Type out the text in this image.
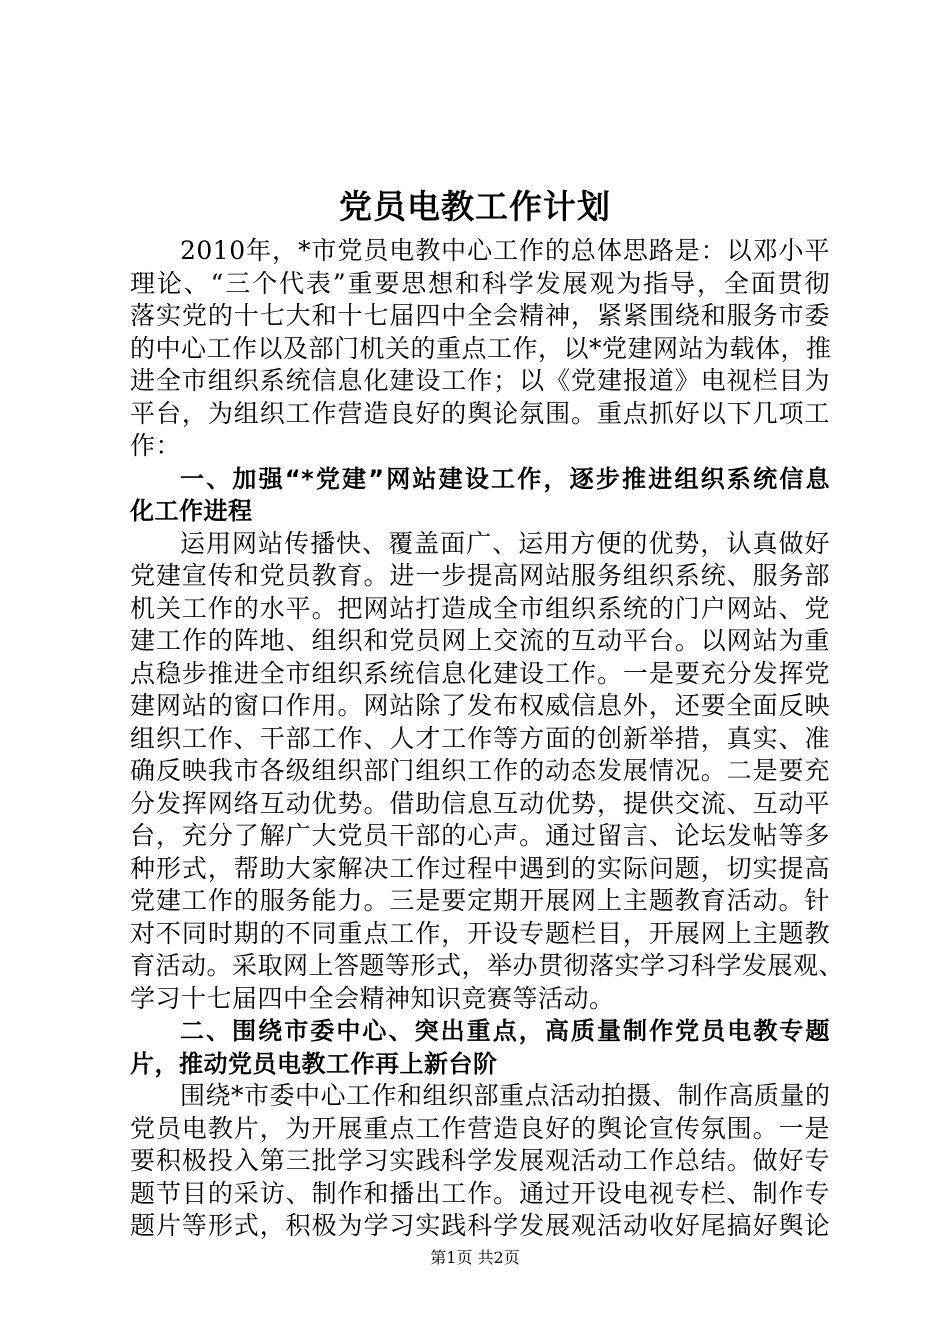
党员电教工作计划
2010年，*市党员电教中心工作的总体思路是：以邓小平
理论、“三个代表”重要思想和科学发展观为指导，全面贯彻
落实党的十七大和十七届四中全会精神，紧紧围绕和服务市委
的中心工作以及部门机关的重点工作，以*党建网站为载体，推
进全市组织系统信息化建设工作；以《党建报道》电视栏目为
平台，为组织工作营造良好的舆论氛围。重点抓好以下几项工
作：
一、加强“*党建”网站建设工作，逐步推进组织系统信息
化工作进程
运用网站传播快、覆盖面广、运用方便的优势，认真做好
党建宣传和党员教育。进一步提高网站服务组织系统、服务部
机关工作的水平。把网站打造成全市组织系统的门户网站、党
建工作的阵地、组织和党员网上交流的互动平台。以网站为重
点稳步推进全市组织系统信息化建设工作。一是要充分发挥党
建网站的窗口作用。网站除了发布权威信息外，还要全面反映
组织工作、干部工作、人才工作等方面的创新举措，真实、准
确反映我市各级组织部门组织工作的动态发展情况。二是要充
分发挥网络互动优势。借助信息互动优势，提供交流、互动平
台，充分了解广大党员干部的心声。通过留言、论坛发帖等多
种形式，帮助大家解决工作过程中遇到的实际问题，切实提高
党建工作的服务能力。三是要定期开展网上主题教育活动。针
对不同时期的不同重点工作，开设专题栏目，开展网上主题教
育活动。采取网上答题等形式，举办贯彻落实学习科学发展观、
学习十七届四中全会精神知识竞赛等活动。
二、围绕市委中心、突出重点，高质量制作党员电教专题
片，推动党员电教工作再上新台阶
围绕*市委中心工作和组织部重点活动拍摄、制作高质量的
党员电教片，为开展重点工作营造良好的舆论宣传氛围。一是
要积极投入第三批学习实践科学发展观活动工作总结。做好专
题节目的采访、制作和播出工作。通过开设电视专栏、制作专
题片等形式，积极为学习实践科学发展观活动收好尾搞好舆论
第1页 共2页
